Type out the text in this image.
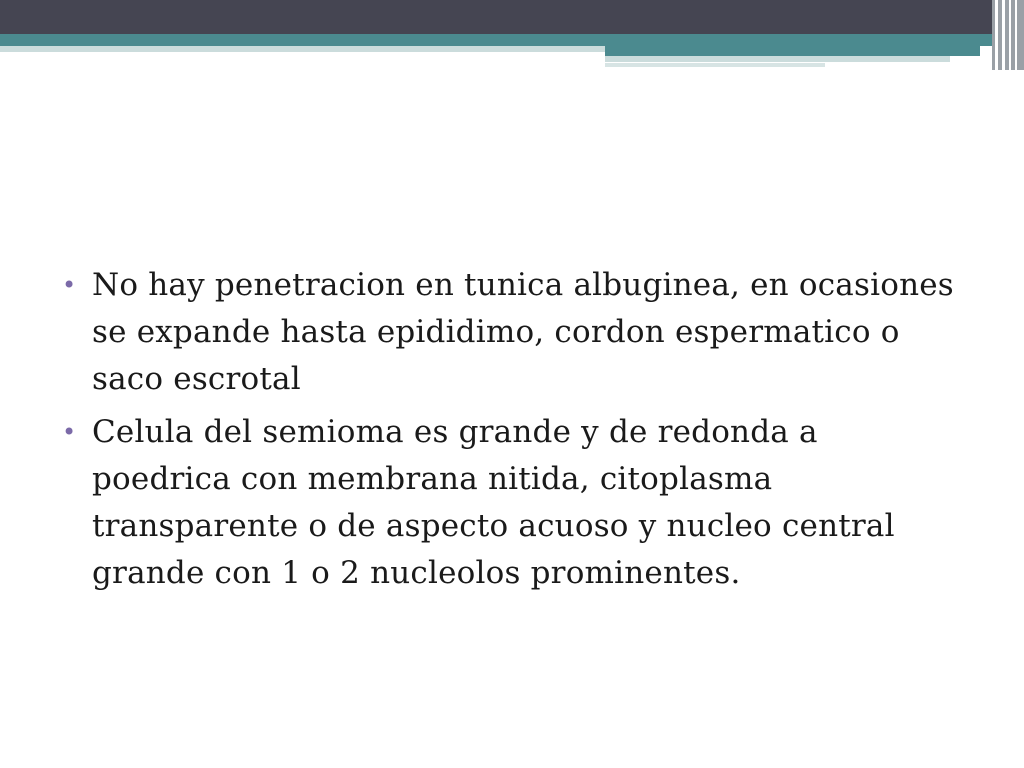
• No hay penetracion en tunica albuginea, en ocasiones se expande hasta epididimo, cordon espermatico o saco escrotal
• Celula del semioma es grande y de redonda a poedrica con membrana nitida, citoplasma transparente o de aspecto acuoso y nucleo central grande con 1 o 2 nucleolos prominentes.
